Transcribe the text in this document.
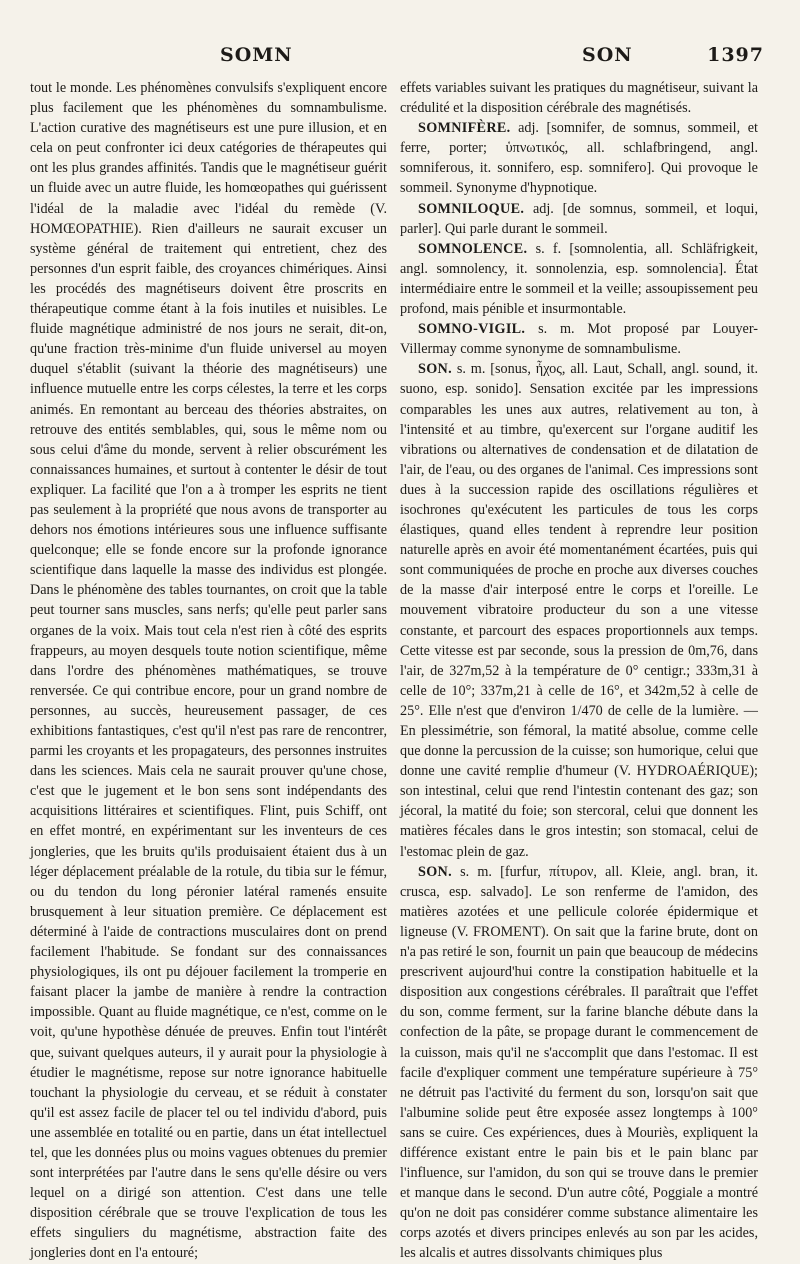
SOMN	SON	1397

tout le monde. Les phénomènes convulsifs s'expliquent encore plus facilement que les phénomènes du somnambulisme. L'action curative des magnétiseurs est une pure illusion, et en cela on peut confronter ici deux catégories de thérapeutes qui ont les plus grandes affinités. Tandis que le magnétiseur guérit un fluide avec un autre fluide, les homœopathes qui guérissent l'idéal de la maladie avec l'idéal du remède (V. HOMŒOPATHIE). Rien d'ailleurs ne saurait excuser un système général de traitement qui entretient, chez des personnes d'un esprit faible, des croyances chimériques. Ainsi les procédés des magnétiseurs doivent être proscrits en thérapeutique comme étant à la fois inutiles et nuisibles. Le fluide magnétique administré de nos jours ne serait, dit-on, qu'une fraction très-minime d'un fluide universel au moyen duquel s'établit (suivant la théorie des magnétiseurs) une influence mutuelle entre les corps célestes, la terre et les corps animés. En remontant au berceau des théories abstraites, on retrouve des entités semblables, qui, sous le même nom ou sous celui d'âme du monde, servent à relier obscurément les connaissances humaines, et surtout à contenter le désir de tout expliquer. La facilité que l'on a à tromper les esprits ne tient pas seulement à la propriété que nous avons de transporter au dehors nos émotions intérieures sous une influence suffisante quelconque; elle se fonde encore sur la profonde ignorance scientifique dans laquelle la masse des individus est plongée. Dans le phénomène des tables tournantes, on croit que la table peut tourner sans muscles, sans nerfs; qu'elle peut parler sans organes de la voix. Mais tout cela n'est rien à côté des esprits frappeurs, au moyen desquels toute notion scientifique, même dans l'ordre des phénomènes mathématiques, se trouve renversée. Ce qui contribue encore, pour un grand nombre de personnes, au succès, heureusement passager, de ces exhibitions fantastiques, c'est qu'il n'est pas rare de rencontrer, parmi les croyants et les propagateurs, des personnes instruites dans les sciences. Mais cela ne saurait prouver qu'une chose, c'est que le jugement et le bon sens sont indépendants des acquisitions littéraires et scientifiques. Flint, puis Schiff, ont en effet montré, en expérimentant sur les inventeurs de ces jongleries, que les bruits qu'ils produisaient étaient dus à un léger déplacement préalable de la rotule, du tibia sur le fémur, ou du tendon du long péronier latéral ramenés ensuite brusquement à leur situation première. Ce déplacement est déterminé à l'aide de contractions musculaires dont on prend facilement l'habitude. Se fondant sur des connaissances physiologiques, ils ont pu déjouer facilement la tromperie en faisant placer la jambe de manière à rendre la contraction impossible. Quant au fluide magnétique, ce n'est, comme on le voit, qu'une hypothèse dénuée de preuves. Enfin tout l'intérêt que, suivant quelques auteurs, il y aurait pour la physiologie à étudier le magnétisme, repose sur notre ignorance habituelle touchant la physiologie du cerveau, et se réduit à constater qu'il est assez facile de placer tel ou tel individu d'abord, puis une assemblée en totalité ou en partie, dans un état intellectuel tel, que les données plus ou moins vagues obtenues du premier sont interprétées par l'autre dans le sens qu'elle désire ou vers lequel on a dirigé son attention. C'est dans une telle disposition cérébrale que se trouve l'explication de tous les effets singuliers du magnétisme, abstraction faite des jongleries dont en l'a entouré;

effets variables suivant les pratiques du magnétiseur, suivant la crédulité et la disposition cérébrale des magnétisés.

SOMNIFÈRE. adj. [somnifer, de somnus, sommeil, et ferre, porter; ὑπνωτικός, all. schlafbringend, angl. somniferous, it. sonnifero, esp. somnifero]. Qui provoque le sommeil. Synonyme d'hypnotique.

SOMNILOQUE. adj. [de somnus, sommeil, et loqui, parler]. Qui parle durant le sommeil.

SOMNOLENCE. s. f. [somnolentia, all. Schläfrigkeit, angl. somnolency, it. sonnolenzia, esp. somnolencia]. État intermédiaire entre le sommeil et la veille; assoupissement peu profond, mais pénible et insurmontable.

SOMNO-VIGIL. s. m. Mot proposé par Louyer-Villermay comme synonyme de somnambulisme.

SON. s. m. [sonus, ἦχος, all. Laut, Schall, angl. sound, it. suono, esp. sonido]. Sensation excitée par les impressions comparables les unes aux autres, relativement au ton, à l'intensité et au timbre, qu'exercent sur l'organe auditif les vibrations ou alternatives de condensation et de dilatation de l'air, de l'eau, ou des organes de l'animal. Ces impressions sont dues à la succession rapide des oscillations régulières et isochrones qu'exécutent les particules de tous les corps élastiques, quand elles tendent à reprendre leur position naturelle après en avoir été momentanément écartées, puis qui sont communiquées de proche en proche aux diverses couches de la masse d'air interposé entre le corps et l'oreille. Le mouvement vibratoire producteur du son a une vitesse constante, et parcourt des espaces proportionnels aux temps. Cette vitesse est par seconde, sous la pression de 0m,76, dans l'air, de 327m,52 à la température de 0° centigr.; 333m,31 à celle de 10°; 337m,21 à celle de 16°, et 342m,52 à celle de 25°. Elle n'est que d'environ 1/470 de celle de la lumière. — En plessimétrie, son fémoral, la matité absolue, comme celle que donne la percussion de la cuisse; son humorique, celui que donne une cavité remplie d'humeur (V. HYDROAÉRIQUE); son intestinal, celui que rend l'intestin contenant des gaz; son jécoral, la matité du foie; son stercoral, celui que donnent les matières fécales dans le gros intestin; son stomacal, celui de l'estomac plein de gaz.

SON. s. m. [furfur, πίτυρον, all. Kleie, angl. bran, it. crusca, esp. salvado]. Le son renferme de l'amidon, des matières azotées et une pellicule colorée épidermique et ligneuse (V. FROMENT). On sait que la farine brute, dont on n'a pas retiré le son, fournit un pain que beaucoup de médecins prescrivent aujourd'hui contre la constipation habituelle et la disposition aux congestions cérébrales. Il paraîtrait que l'effet du son, comme ferment, sur la farine blanche débute dans la confection de la pâte, se propage durant le commencement de la cuisson, mais qu'il ne s'accomplit que dans l'estomac. Il est facile d'expliquer comment une température supérieure à 75° ne détruit pas l'activité du ferment du son, lorsqu'on sait que l'albumine solide peut être exposée assez longtemps à 100° sans se cuire. Ces expériences, dues à Mouriès, expliquent la différence existant entre le pain bis et le pain blanc par l'influence, sur l'amidon, du son qui se trouve dans le premier et manque dans le second. D'un autre côté, Poggiale a montré qu'on ne doit pas considérer comme substance alimentaire les corps azotés et divers principes enlevés au son par les acides, les alcalis et autres dissolvants chimiques plus
